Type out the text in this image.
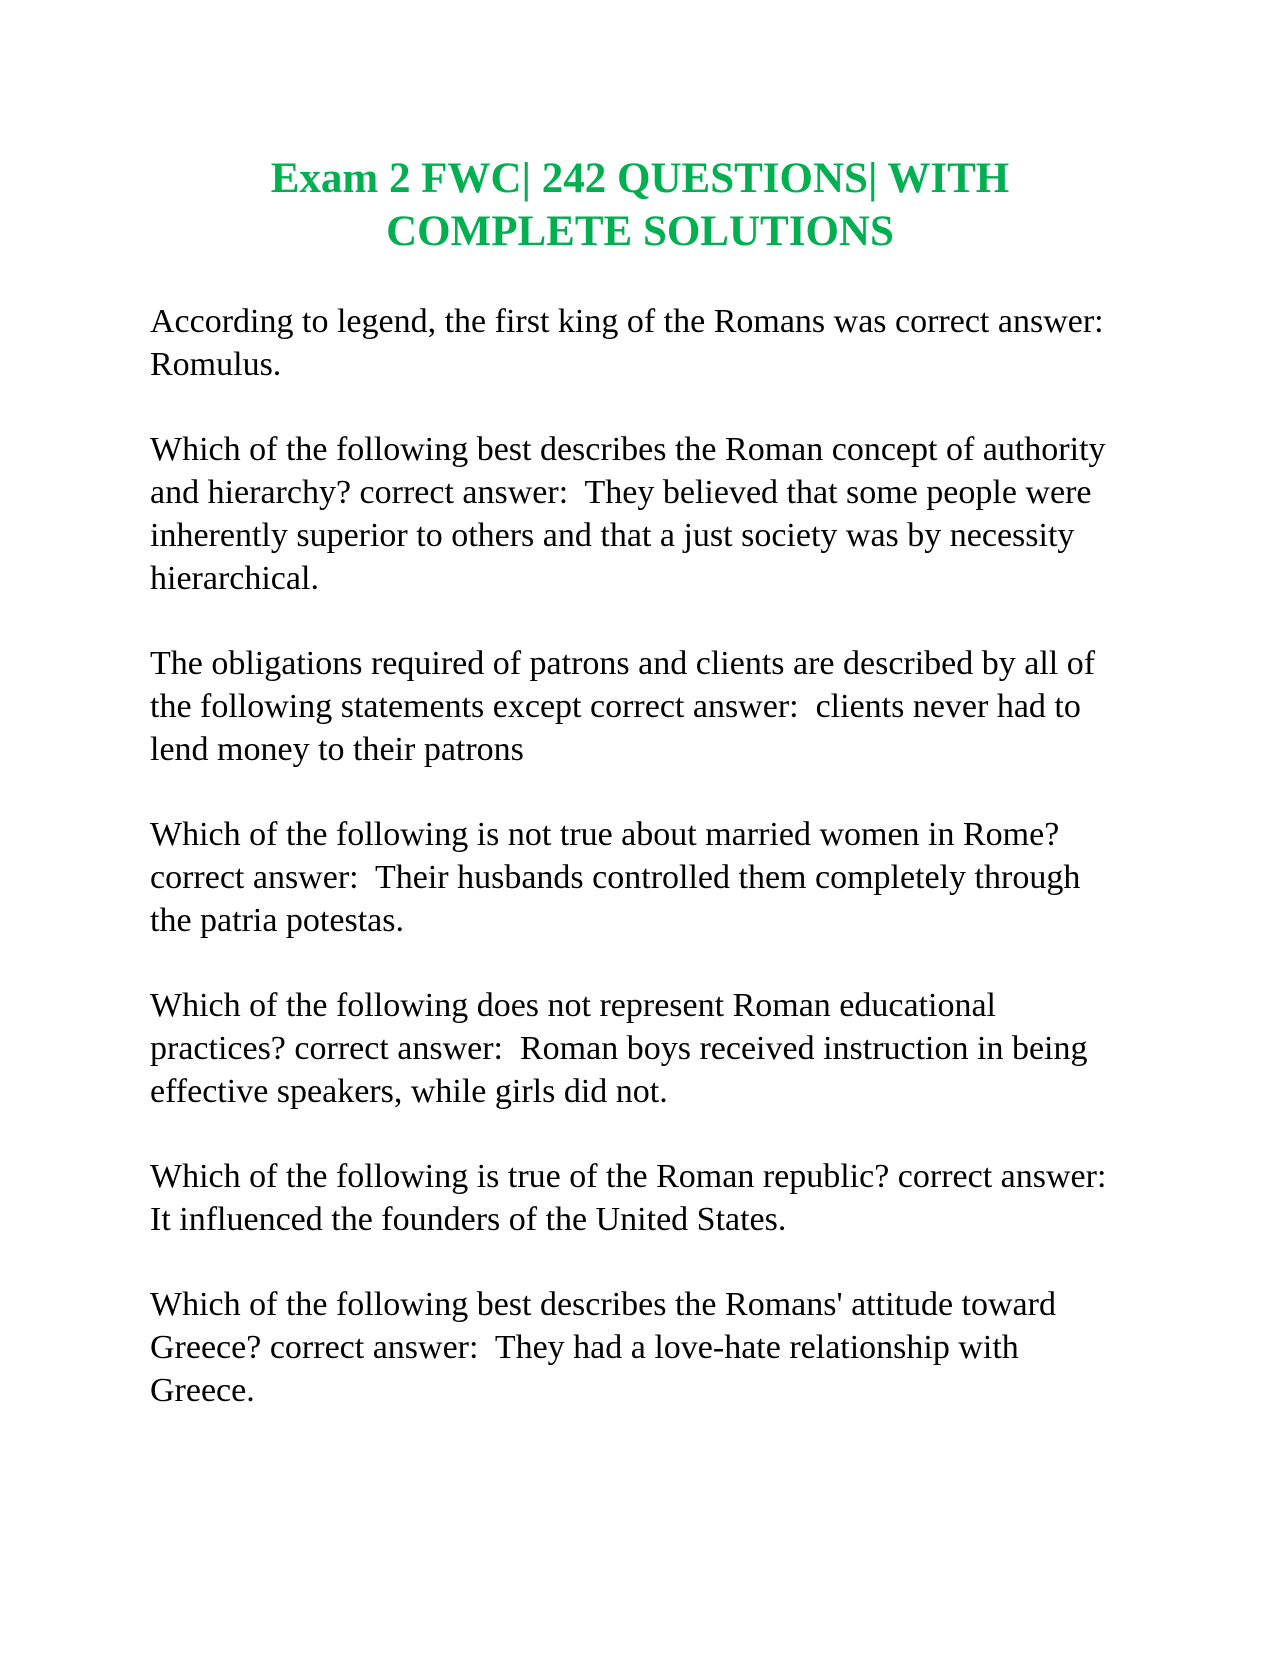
Exam 2 FWC| 242 QUESTIONS| WITH
COMPLETE SOLUTIONS
According to legend, the first king of the Romans was correct answer:  Romulus.
Which of the following best describes the Roman concept of authority and hierarchy? correct answer:  They believed that some people were inherently superior to others and that a just society was by necessity hierarchical.
The obligations required of patrons and clients are described by all of the following statements except correct answer:  clients never had to lend money to their patrons
Which of the following is not true about married women in Rome? correct answer:  Their husbands controlled them completely through the patria potestas.
Which of the following does not represent Roman educational practices? correct answer:  Roman boys received instruction in being effective speakers, while girls did not.
Which of the following is true of the Roman republic? correct answer:  It influenced the founders of the United States.
Which of the following best describes the Romans' attitude toward Greece? correct answer:  They had a love-hate relationship with Greece.
